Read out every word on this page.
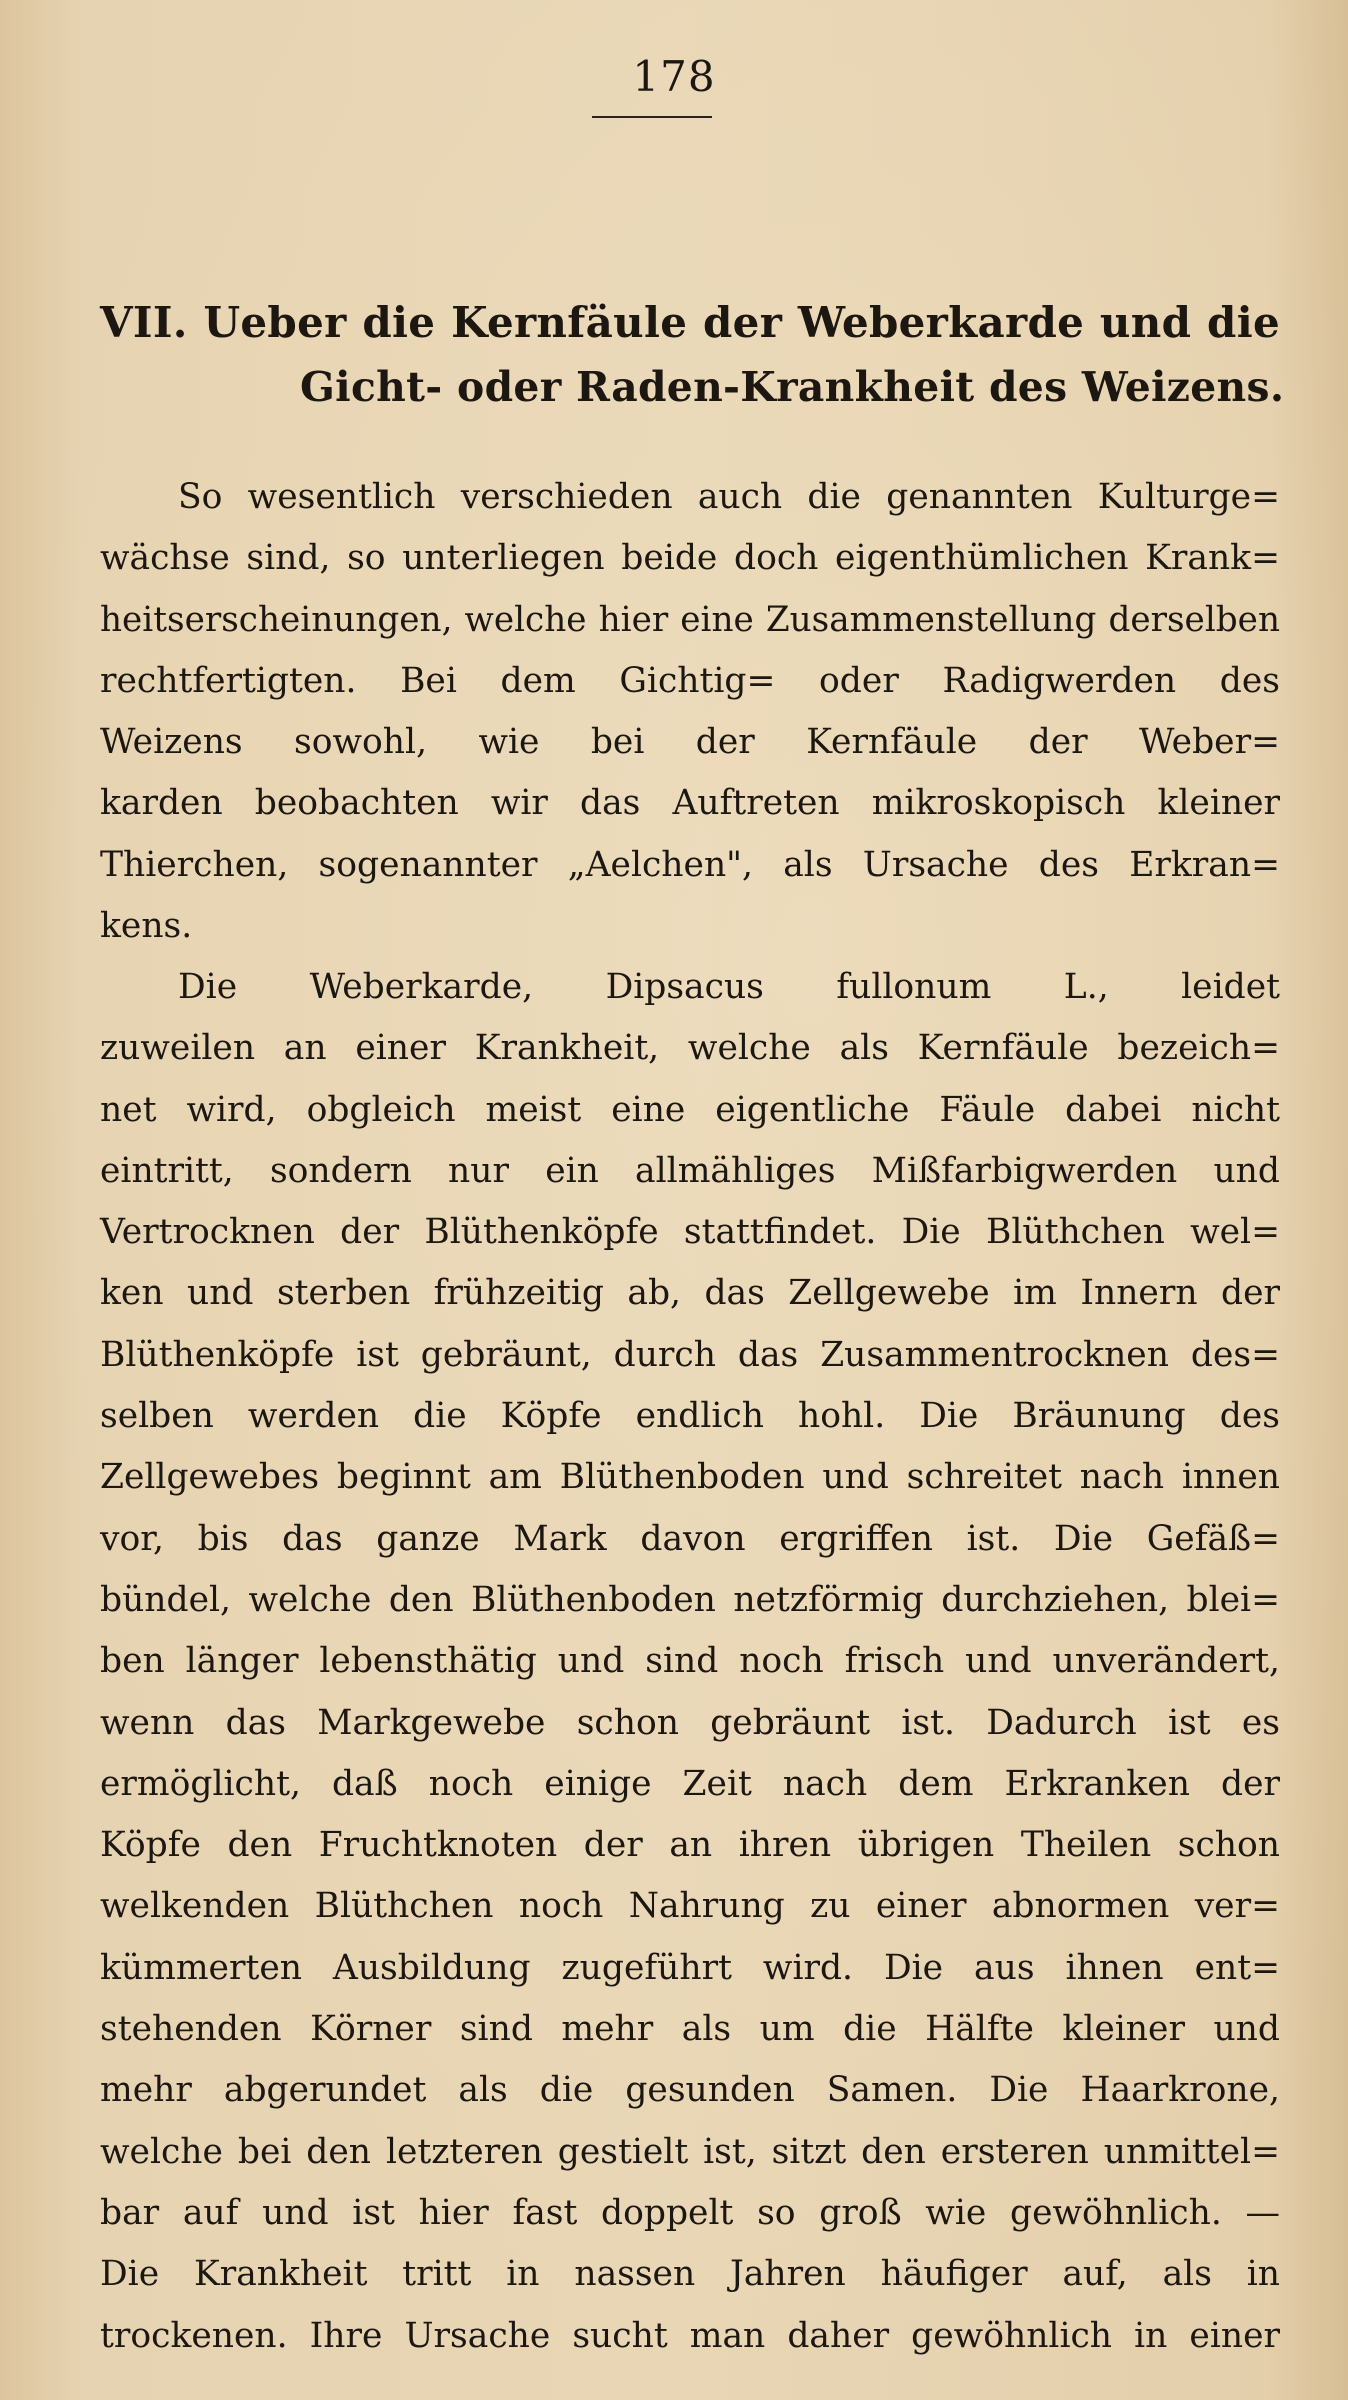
178
VII. Ueber die Kernfäule der Weberkarde und die
Gicht- oder Raden-Krankheit des Weizens.
So wesentlich verschieden auch die genannten Kulturge=
wächse sind, so unterliegen beide doch eigenthümlichen Krank=
heitserscheinungen, welche hier eine Zusammenstellung derselben
rechtfertigten. Bei dem Gichtig= oder Radigwerden des
Weizens sowohl, wie bei der Kernfäule der Weber=
karden beobachten wir das Auftreten mikroskopisch kleiner
Thierchen, sogenannter „Aelchen", als Ursache des Erkran=
kens.
Die Weberkarde, Dipsacus fullonum L., leidet
zuweilen an einer Krankheit, welche als Kernfäule bezeich=
net wird, obgleich meist eine eigentliche Fäule dabei nicht
eintritt, sondern nur ein allmähliges Mißfarbigwerden und
Vertrocknen der Blüthenköpfe stattfindet. Die Blüthchen wel=
ken und sterben frühzeitig ab, das Zellgewebe im Innern der
Blüthenköpfe ist gebräunt, durch das Zusammentrocknen des=
selben werden die Köpfe endlich hohl. Die Bräunung des
Zellgewebes beginnt am Blüthenboden und schreitet nach innen
vor, bis das ganze Mark davon ergriffen ist. Die Gefäß=
bündel, welche den Blüthenboden netzförmig durchziehen, blei=
ben länger lebensthätig und sind noch frisch und unverändert,
wenn das Markgewebe schon gebräunt ist. Dadurch ist es
ermöglicht, daß noch einige Zeit nach dem Erkranken der
Köpfe den Fruchtknoten der an ihren übrigen Theilen schon
welkenden Blüthchen noch Nahrung zu einer abnormen ver=
kümmerten Ausbildung zugeführt wird. Die aus ihnen ent=
stehenden Körner sind mehr als um die Hälfte kleiner und
mehr abgerundet als die gesunden Samen. Die Haarkrone,
welche bei den letzteren gestielt ist, sitzt den ersteren unmittel=
bar auf und ist hier fast doppelt so groß wie gewöhnlich. —
Die Krankheit tritt in nassen Jahren häufiger auf, als in
trockenen. Ihre Ursache sucht man daher gewöhnlich in einer
